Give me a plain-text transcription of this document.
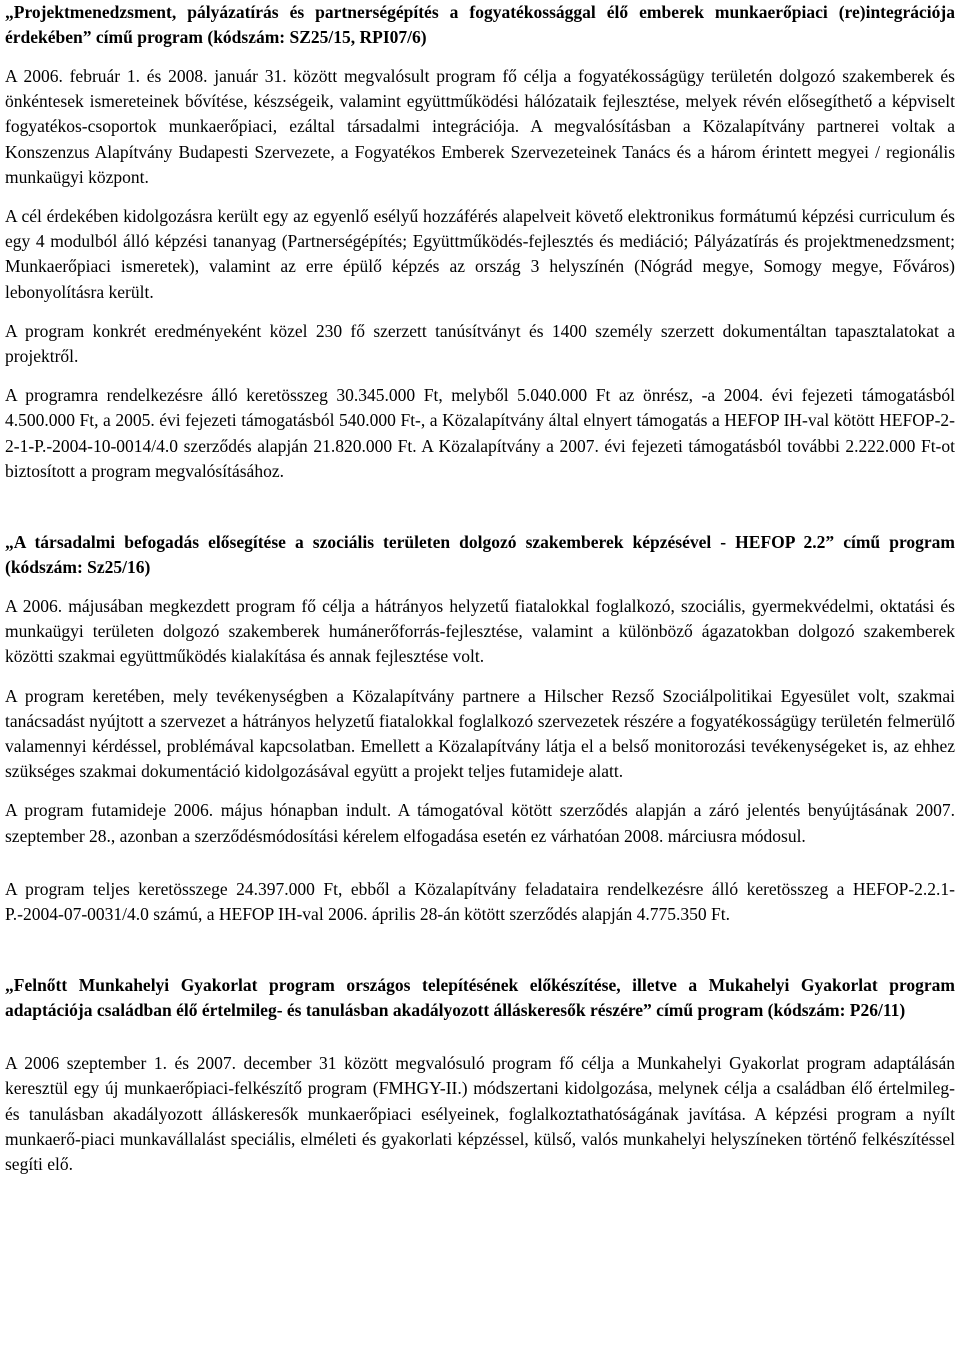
„Projektmenedzsment, pályázatírás és partnerségépítés a fogyatékossággal élő emberek munkaerőpiaci (re)integrációja érdekében” című program (kódszám: SZ25/15, RPI07/6)

A 2006. február 1. és 2008. január 31. között megvalósult program fő célja a fogyatékosságügy területén dolgozó szakemberek és önkéntesek ismereteinek bővítése, készségeik, valamint együttműködési hálózataik fejlesztése, melyek révén elősegíthető a képviselt fogyatékos-csoportok munkaerőpiaci, ezáltal társadalmi integrációja. A megvalósításban a Közalapítvány partnerei voltak a Konszenzus Alapítvány Budapesti Szervezete, a Fogyatékos Emberek Szervezeteinek Tanács és a három érintett megyei / regionális munkaügyi központ.

A cél érdekében kidolgozásra került egy az egyenlő esélyű hozzáférés alapelveit követő elektronikus formátumú képzési curriculum és egy 4 modulból álló képzési tananyag (Partnerségépítés; Együttműködés-fejlesztés és mediáció; Pályázatírás és projektmenedzsment; Munkaerőpiaci ismeretek), valamint az erre épülő képzés az ország 3 helyszínén (Nógrád megye, Somogy megye, Főváros) lebonyolításra került.

A program konkrét eredményeként közel 230 fő szerzett tanúsítványt és 1400 személy szerzett dokumentáltan tapasztalatokat a projektről.

A programra rendelkezésre álló keretösszeg 30.345.000 Ft, melyből 5.040.000 Ft az önrész, -a 2004. évi fejezeti támogatásból 4.500.000 Ft, a 2005. évi fejezeti támogatásból 540.000 Ft-, a Közalapítvány által elnyert támogatás a HEFOP IH-val kötött HEFOP-2-2-1-P.-2004-10-0014/4.0 szerződés alapján 21.820.000 Ft. A Közalapítvány a 2007. évi fejezeti támogatásból további 2.222.000 Ft-ot biztosított a program megvalósításához.

„A társadalmi befogadás elősegítése a szociális területen dolgozó szakemberek képzésével - HEFOP 2.2” című program (kódszám: Sz25/16)

A 2006. májusában megkezdett program fő célja a hátrányos helyzetű fiatalokkal foglalkozó, szociális, gyermekvédelmi, oktatási és munkaügyi területen dolgozó szakemberek humánerőforrás-fejlesztése, valamint a különböző ágazatokban dolgozó szakemberek közötti szakmai együttműködés kialakítása és annak fejlesztése volt.

A program keretében, mely tevékenységben a Közalapítvány partnere a Hilscher Rezső Szociálpolitikai Egyesület volt, szakmai tanácsadást nyújtott a szervezet a hátrányos helyzetű fiatalokkal foglalkozó szervezetek részére a fogyatékosságügy területén felmerülő valamennyi kérdéssel, problémával kapcsolatban. Emellett a Közalapítvány látja el a belső monitorozási tevékenységeket is, az ehhez szükséges szakmai dokumentáció kidolgozásával együtt a projekt teljes futamideje alatt.

A program futamideje 2006. május hónapban indult. A támogatóval kötött szerződés alapján a záró jelentés benyújtásának 2007. szeptember 28., azonban a szerződésmódosítási kérelem elfogadása esetén ez várhatóan 2008. márciusra módosul.

A program teljes keretösszege 24.397.000 Ft, ebből a Közalapítvány feladataira rendelkezésre álló keretösszeg a HEFOP-2.2.1-P.-2004-07-0031/4.0 számú, a HEFOP IH-val 2006. április 28-án kötött szerződés alapján 4.775.350 Ft.

„Felnőtt Munkahelyi Gyakorlat program országos telepítésének előkészítése, illetve a Mukahelyi Gyakorlat program adaptációja családban élő értelmileg- és tanulásban akadályozott álláskeresők részére” című program (kódszám: P26/11)

A 2006 szeptember 1. és 2007. december 31 között megvalósuló program fő célja a Munkahelyi Gyakorlat program adaptálásán keresztül egy új munkaerőpiaci-felkészítő program (FMHGY-II.) módszertani kidolgozása, melynek célja a családban élő értelmileg- és tanulásban akadályozott álláskeresők munkaerőpiaci esélyeinek, foglalkoztathatóságának javítása. A képzési program a nyílt munkaerő-piaci munkavállalást speciális, elméleti és gyakorlati képzéssel, külső, valós munkahelyi helyszíneken történő felkészítéssel segíti elő.
